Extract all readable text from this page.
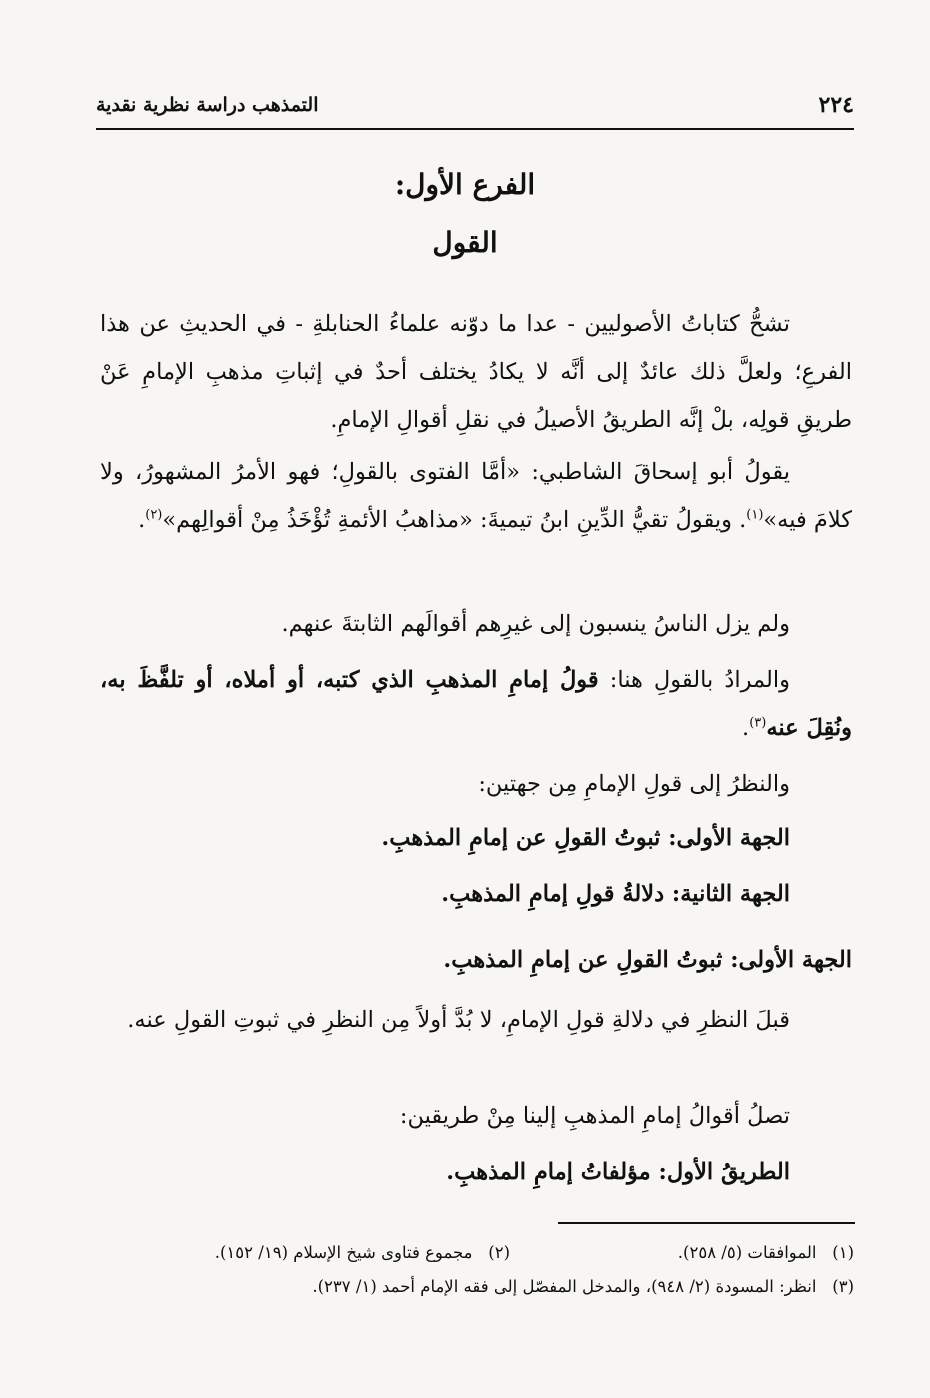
٢٢٤
التمذهب دراسة نظرية نقدية
الفرع الأول:
القول

تشحُّ كتاباتُ الأصوليين - عدا ما دوّنه علماءُ الحنابلةِ - في الحديثِ عن هذا الفرعِ؛ ولعلَّ ذلك عائدٌ إلى أنَّه لا يكادُ يختلف أحدٌ في إثباتِ مذهبِ الإمامِ عَنْ طريقِ قولِه، بلْ إنَّه الطريقُ الأصيلُ في نقلِ أقوالِ الإمامِ.

يقولُ أبو إسحاقَ الشاطبي: «أمَّا الفتوى بالقولِ؛ فهو الأمرُ المشهورُ، ولا كلامَ فيه»$^{(١)}$. ويقولُ تقيُّ الدِّينِ ابنُ تيميةَ: «مذاهبُ الأئمةِ تُؤْخَذُ مِنْ أقوالِهم»$^{(٢)}$.

ولم يزل الناسُ ينسبون إلى غيرِهم أقوالَهم الثابتةَ عنهم.

والمرادُ بالقولِ هنا: قولُ إمامِ المذهبِ الذي كتبه، أو أملاه، أو تلفَّظَ به، ونُقِلَ عنه$^{(٣)}$.

والنظرُ إلى قولِ الإمامِ مِن جهتين:

الجهة الأولى: ثبوتُ القولِ عن إمامِ المذهبِ.

الجهة الثانية: دلالةُ قولِ إمامِ المذهبِ.

الجهة الأولى: ثبوتُ القولِ عن إمامِ المذهبِ.

قبلَ النظرِ في دلالةِ قولِ الإمامِ، لا بُدَّ أولاً مِن النظرِ في ثبوتِ القولِ عنه.

تصلُ أقوالُ إمامِ المذهبِ إلينا مِنْ طريقين:

الطريقُ الأول: مؤلفاتُ إمامِ المذهبِ.

(١)   الموافقات (٥/ ٢٥٨).
(٢)   مجموع فتاوى شيخ الإسلام (١٩/ ١٥٢).
(٣)   انظر: المسودة (٢/ ٩٤٨)، والمدخل المفصّل إلى فقه الإمام أحمد (١/ ٢٣٧).
